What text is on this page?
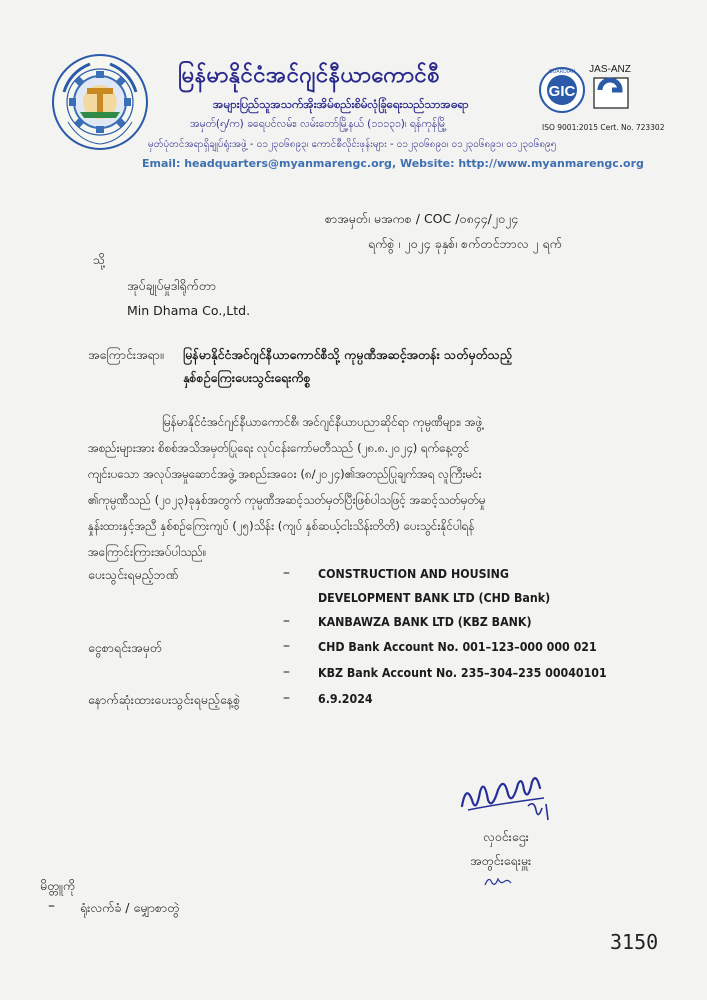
မြန်မာနိုင်ငံအင်ဂျင်နီယာကောင်စီ
အများပြည်သူအသက်အိုးအိမ်စည်းစိမ်လုံခြုံရေးသည်သာအဓရာ
အမှတ်(၅/က) ခရေပင်လမ်း၊ လမ်းတော်မြို့နယ် (၁၁၁၃၁)၊ ရန်ကုန်မြို့
မှတ်ပုံတင်အရာရှိချုပ်ရုံးအဖွဲ့ - ၀၁၂၃၀၆၈၉၃၊ ကောင်စီလိုင်းဖုန်းများ - ၀၁၂၃၀၆၈၉၀၊ ၀၁၂၃၀၆၈၉၁၊ ၀၁၂၃၀၆၈၉၅
Email: headquarters@myanmarengc.org, Website: http://www.myanmarengc.org
GIC
GUARDIAN JAS-ANZ
ISO 9001:2015 Cert. No. 723302
စာအမှတ်၊ မအကစ / COC /၀၈၄၄/၂၀၂၄
ရက်စွဲ ၊ ၂၀၂၄ ခုနှစ်၊ စက်တင်ဘာလ ၂ ရက်
သို့
အုပ်ချုပ်မှုဒါရိုက်တာ
Min Dhama Co.,Ltd.
အကြောင်းအရာ။ မြန်မာနိုင်ငံအင်ဂျင်နီယာကောင်စီသို့ ကုမ္ပဏီအဆင့်အတန်း သတ်မှတ်သည့်
နှစ်စဉ်ကြေးပေးသွင်းရေးကိစ္စ
မြန်မာနိုင်ငံအင်ဂျင်နီယာကောင်စီ၊ အင်ဂျင်နီယာပညာဆိုင်ရာ ကုမ္ပဏီများ၊ အဖွဲ့
အစည်းများအား စိစစ်အသိအမှတ်ပြုရေး လုပ်ငန်းကော်မတီသည် (၂၈.၈.၂၀၂၄) ရက်နေ့တွင်
ကျင်းပသော အလုပ်အမှုဆောင်အဖွဲ့ အစည်းအဝေး (၈/၂၀၂၄)၏အတည်ပြုချက်အရ လူကြီးမင်း
၏ကုမ္ပဏီသည် (၂၀၂၃)ခုနှစ်အတွက် ကုမ္ပဏီအဆင့်သတ်မှတ်ပြီးဖြစ်ပါသဖြင့် အဆင့်သတ်မှတ်မှု
နှုန်းထားနှင့်အညီ နှစ်စဉ်ကြေးကျပ် (၂၅)သိန်း (ကျပ် နှစ်ဆယ့်ငါးသိန်းတိတိ) ပေးသွင်းနိုင်ပါရန်
အကြောင်းကြားအပ်ပါသည်။
ပေးသွင်းရမည့်ဘဏ်	– CONSTRUCTION AND HOUSING
DEVELOPMENT BANK LTD (CHD Bank)
– KANBAWZA BANK LTD (KBZ BANK)
ငွေစာရင်းအမှတ်	– CHD Bank Account No. 001–123–000 000 021
– KBZ Bank Account No. 235–304–235 00040101
နောက်ဆုံးထားပေးသွင်းရမည့်နေ့စွဲ	– 6.9.2024
လှဝင်းဌေး
အတွင်းရေးမှူး
မိတ္တူကို
– ရုံးလက်ခံ / မျှောစာတွဲ
3150
